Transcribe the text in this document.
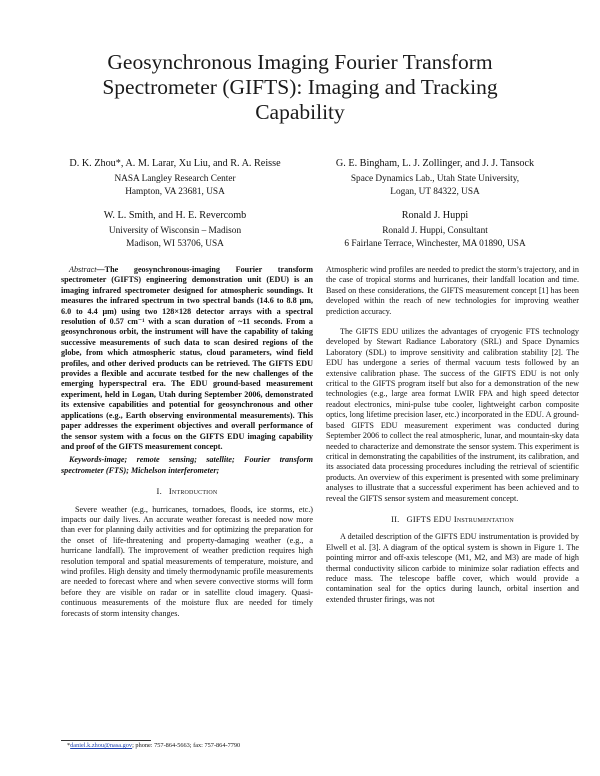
Geosynchronous Imaging Fourier Transform Spectrometer (GIFTS): Imaging and Tracking Capability
D. K. Zhou*, A. M. Larar, Xu Liu, and R. A. Reisse
NASA Langley Research Center
Hampton, VA 23681, USA
G. E. Bingham, L. J. Zollinger, and J. J. Tansock
Space Dynamics Lab., Utah State University,
Logan, UT 84322, USA
W. L. Smith, and H. E. Revercomb
University of Wisconsin – Madison
Madison, WI 53706, USA
Ronald J. Huppi
Ronald J. Huppi, Consultant
6 Fairlane Terrace, Winchester, MA 01890, USA

Abstract—The geosynchronous-imaging Fourier transform spectrometer (GIFTS) engineering demonstration unit (EDU) is an imaging infrared spectrometer designed for atmospheric soundings. It measures the infrared spectrum in two spectral bands (14.6 to 8.8 μm, 6.0 to 4.4 μm) using two 128×128 detector arrays with a spectral resolution of 0.57 cm⁻¹ with a scan duration of ~11 seconds. From a geosynchronous orbit, the instrument will have the capability of taking successive measurements of such data to scan desired regions of the globe, from which atmospheric status, cloud parameters, wind field profiles, and other derived products can be retrieved. The GIFTS EDU provides a flexible and accurate testbed for the new challenges of the emerging hyperspectral era. The EDU ground-based measurement experiment, held in Logan, Utah during September 2006, demonstrated its extensive capabilities and potential for geosynchronous and other applications (e.g., Earth observing environmental measurements). This paper addresses the experiment objectives and overall performance of the sensor system with a focus on the GIFTS EDU imaging capability and proof of the GIFTS measurement concept.

Keywords-image; remote sensing; satellite; Fourier transform spectrometer (FTS); Michelson interferometer;

I. Introduction

Severe weather (e.g., hurricanes, tornadoes, floods, ice storms, etc.) impacts our daily lives. An accurate weather forecast is needed now more than ever for planning daily activities and for optimizing the preparation for the onset of life-threatening and property-damaging weather (e.g., a hurricane landfall). The improvement of weather prediction requires high resolution temporal and spatial measurements of temperature, moisture, and wind profiles. High density and timely thermodynamic profile measurements are needed to forecast where and when severe convective storms will form before they are visible on radar or in satellite cloud imagery. Quasi-continuous measurements of the moisture flux are needed for timely forecasts of storm intensity changes.

Atmospheric wind profiles are needed to predict the storm’s trajectory, and in the case of tropical storms and hurricanes, their landfall location and time. Based on these considerations, the GIFTS measurement concept [1] has been developed within the reach of new technologies for improving weather prediction accuracy.

The GIFTS EDU utilizes the advantages of cryogenic FTS technology developed by Stewart Radiance Laboratory (SRL) and Space Dynamics Laboratory (SDL) to improve sensitivity and calibration stability [2]. The EDU has undergone a series of thermal vacuum tests followed by an extensive calibration phase. The success of the GIFTS EDU is not only critical to the GIFTS program itself but also for a demonstration of the new technologies (e.g., large area format LWIR FPA and high speed detector readout electronics, mini-pulse tube cooler, lightweight carbon composite optics, long lifetime precision laser, etc.) incorporated in the EDU. A ground-based GIFTS EDU measurement experiment was conducted during September 2006 to collect the real atmospheric, lunar, and mountain-sky data needed to characterize and demonstrate the sensor system. This experiment is critical in demonstrating the capabilities of the instrument, its calibration, and its associated data processing procedures including the retrieval of scientific products. An overview of this experiment is presented with some preliminary analyses to illustrate that a successful experiment has been achieved and to reveal the GIFTS sensor system and measurement concept.

II. GIFTS EDU Instrumentation

A detailed description of the GIFTS EDU instrumentation is provided by Elwell et al. [3]. A diagram of the optical system is shown in Figure 1. The pointing mirror and off-axis telescope (M1, M2, and M3) are made of high thermal conductivity silicon carbide to minimize solar radiation effects and reduce mass. The telescope baffle cover, which would provide a contamination seal for the optics during launch, orbital insertion and extended thruster firings, was not

*daniel.k.zhou@nasa.gov; phone: 757-864-5663; fax: 757-864-7790
